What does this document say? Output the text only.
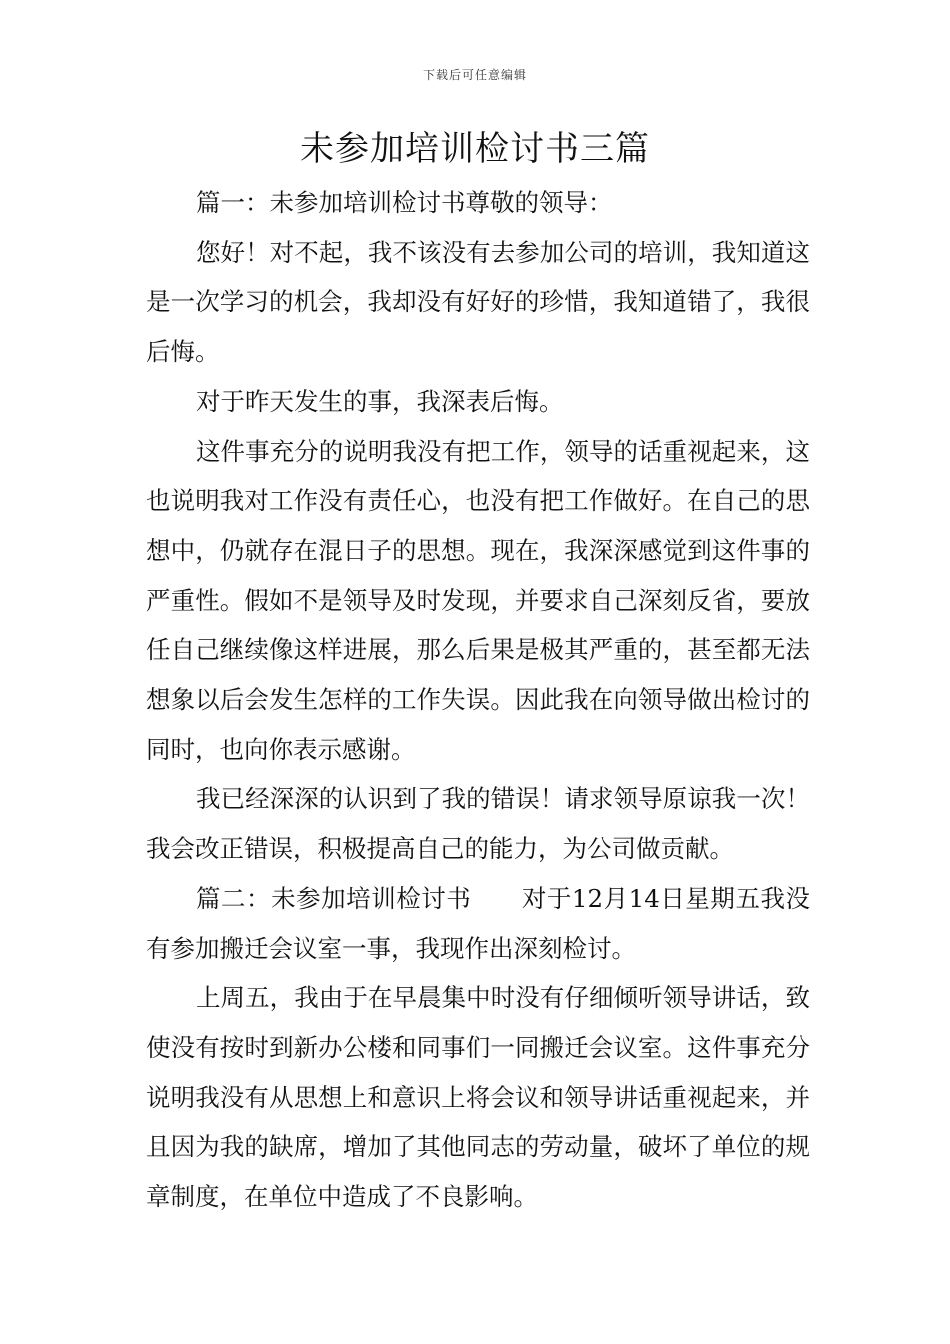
下载后可任意编辑
未参加培训检讨书三篇

篇一：未参加培训检讨书尊敬的领导：

您好！对不起，我不该没有去参加公司的培训，我知道这是一次学习的机会，我却没有好好的珍惜，我知道错了，我很后悔。

对于昨天发生的事，我深表后悔。

这件事充分的说明我没有把工作，领导的话重视起来，这也说明我对工作没有责任心，也没有把工作做好。在自己的思想中，仍就存在混日子的思想。现在，我深深感觉到这件事的严重性。假如不是领导及时发现，并要求自己深刻反省，要放任自己继续像这样进展，那么后果是极其严重的，甚至都无法想象以后会发生怎样的工作失误。因此我在向领导做出检讨的同时，也向你表示感谢。

我已经深深的认识到了我的错误！请求领导原谅我一次！我会改正错误，积极提高自己的能力，为公司做贡献。

篇二：未参加培训检讨书 对于12月14日星期五我没有参加搬迁会议室一事，我现作出深刻检讨。

上周五，我由于在早晨集中时没有仔细倾听领导讲话，致使没有按时到新办公楼和同事们一同搬迁会议室。这件事充分说明我没有从思想上和意识上将会议和领导讲话重视起来，并且因为我的缺席，增加了其他同志的劳动量，破坏了单位的规章制度，在单位中造成了不良影响。
